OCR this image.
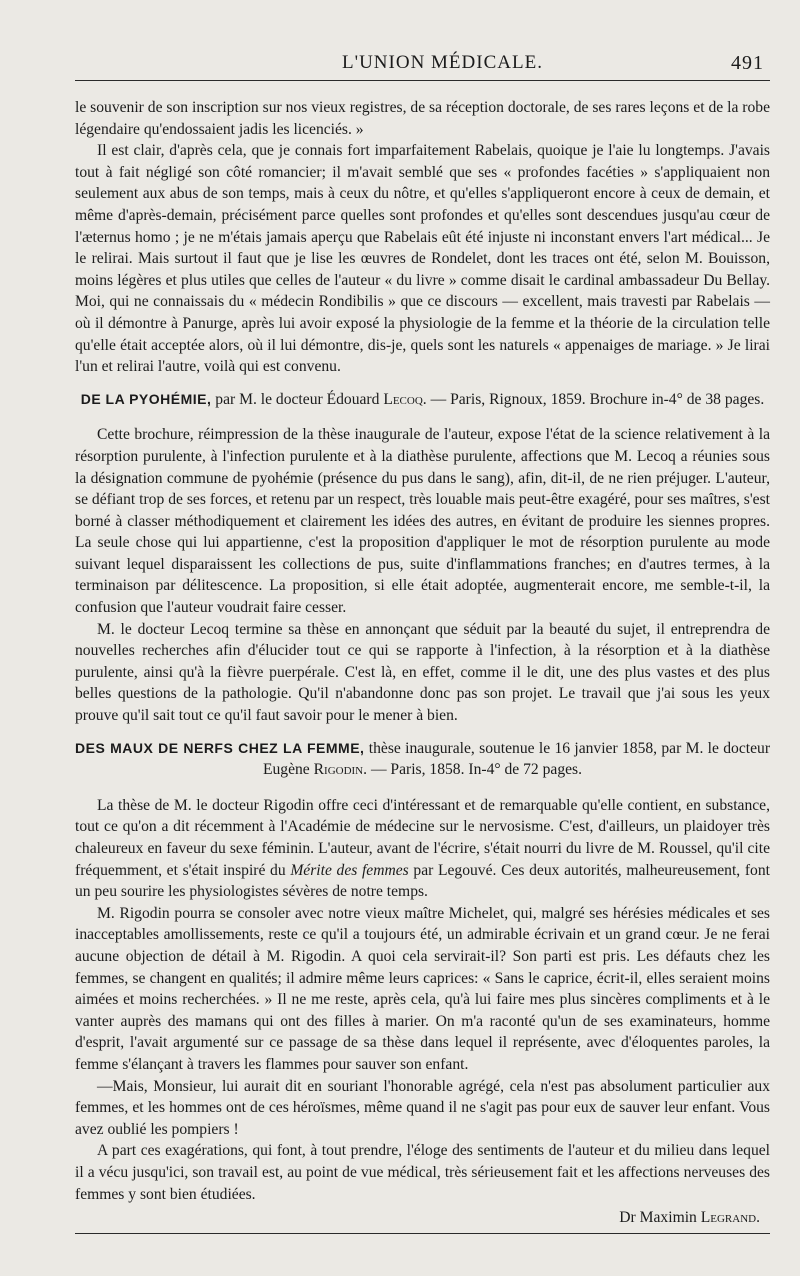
L'UNION MÉDICALE.	491

le souvenir de son inscription sur nos vieux registres, de sa réception doctorale, de ses rares leçons et de la robe légendaire qu'endossaient jadis les licenciés. »

Il est clair, d'après cela, que je connais fort imparfaitement Rabelais, quoique je l'aie lu longtemps. J'avais tout à fait négligé son côté romancier; il m'avait semblé que ses « profondes facéties » s'appliquaient non seulement aux abus de son temps, mais à ceux du nôtre, et qu'elles s'appliqueront encore à ceux de demain, et même d'après-demain, précisément parce quelles sont profondes et qu'elles sont descendues jusqu'au cœur de l'æternus homo ; je ne m'étais jamais aperçu que Rabelais eût été injuste ni inconstant envers l'art médical... Je le relirai. Mais surtout il faut que je lise les œuvres de Rondelet, dont les traces ont été, selon M. Bouisson, moins légères et plus utiles que celles de l'auteur « du livre » comme disait le cardinal ambassadeur Du Bellay. Moi, qui ne connaissais du « médecin Rondibilis » que ce discours — excellent, mais travesti par Rabelais — où il démontre à Panurge, après lui avoir exposé la physiologie de la femme et la théorie de la circulation telle qu'elle était acceptée alors, où il lui démontre, dis-je, quels sont les naturels « appenaiges de mariage. » Je lirai l'un et relirai l'autre, voilà qui est convenu.

DE LA PYOHÉMIE, par M. le docteur Édouard Lecoq. — Paris, Rignoux, 1859. Brochure in-4° de 38 pages.

Cette brochure, réimpression de la thèse inaugurale de l'auteur, expose l'état de la science relativement à la résorption purulente, à l'infection purulente et à la diathèse purulente, affections que M. Lecoq a réunies sous la désignation commune de pyohémie (présence du pus dans le sang), afin, dit-il, de ne rien préjuger. L'auteur, se défiant trop de ses forces, et retenu par un respect, très louable mais peut-être exagéré, pour ses maîtres, s'est borné à classer méthodiquement et clairement les idées des autres, en évitant de produire les siennes propres. La seule chose qui lui appartienne, c'est la proposition d'appliquer le mot de résorption purulente au mode suivant lequel disparaissent les collections de pus, suite d'inflammations franches; en d'autres termes, à la terminaison par délitescence. La proposition, si elle était adoptée, augmenterait encore, me semble-t-il, la confusion que l'auteur voudrait faire cesser.

M. le docteur Lecoq termine sa thèse en annonçant que séduit par la beauté du sujet, il entreprendra de nouvelles recherches afin d'élucider tout ce qui se rapporte à l'infection, à la résorption et à la diathèse purulente, ainsi qu'à la fièvre puerpérale. C'est là, en effet, comme il le dit, une des plus vastes et des plus belles questions de la pathologie. Qu'il n'abandonne donc pas son projet. Le travail que j'ai sous les yeux prouve qu'il sait tout ce qu'il faut savoir pour le mener à bien.

DES MAUX DE NERFS CHEZ LA FEMME, thèse inaugurale, soutenue le 16 janvier 1858, par M. le docteur Eugène Rigodin. — Paris, 1858. In-4° de 72 pages.

La thèse de M. le docteur Rigodin offre ceci d'intéressant et de remarquable qu'elle contient, en substance, tout ce qu'on a dit récemment à l'Académie de médecine sur le nervosisme. C'est, d'ailleurs, un plaidoyer très chaleureux en faveur du sexe féminin. L'auteur, avant de l'écrire, s'était nourri du livre de M. Roussel, qu'il cite fréquemment, et s'était inspiré du Mérite des femmes par Legouvé. Ces deux autorités, malheureusement, font un peu sourire les physiologistes sévères de notre temps.

M. Rigodin pourra se consoler avec notre vieux maître Michelet, qui, malgré ses hérésies médicales et ses inacceptables amollissements, reste ce qu'il a toujours été, un admirable écrivain et un grand cœur. Je ne ferai aucune objection de détail à M. Rigodin. A quoi cela servirait-il? Son parti est pris. Les défauts chez les femmes, se changent en qualités; il admire même leurs caprices: « Sans le caprice, écrit-il, elles seraient moins aimées et moins recherchées. » Il ne me reste, après cela, qu'à lui faire mes plus sincères compliments et à le vanter auprès des mamans qui ont des filles à marier. On m'a raconté qu'un de ses examinateurs, homme d'esprit, l'avait argumenté sur ce passage de sa thèse dans lequel il représente, avec d'éloquentes paroles, la femme s'élançant à travers les flammes pour sauver son enfant.

—Mais, Monsieur, lui aurait dit en souriant l'honorable agrégé, cela n'est pas absolument particulier aux femmes, et les hommes ont de ces héroïsmes, même quand il ne s'agit pas pour eux de sauver leur enfant. Vous avez oublié les pompiers !

A part ces exagérations, qui font, à tout prendre, l'éloge des sentiments de l'auteur et du milieu dans lequel il a vécu jusqu'ici, son travail est, au point de vue médical, très sérieusement fait et les affections nerveuses des femmes y sont bien étudiées.

Dr Maximin Legrand.
